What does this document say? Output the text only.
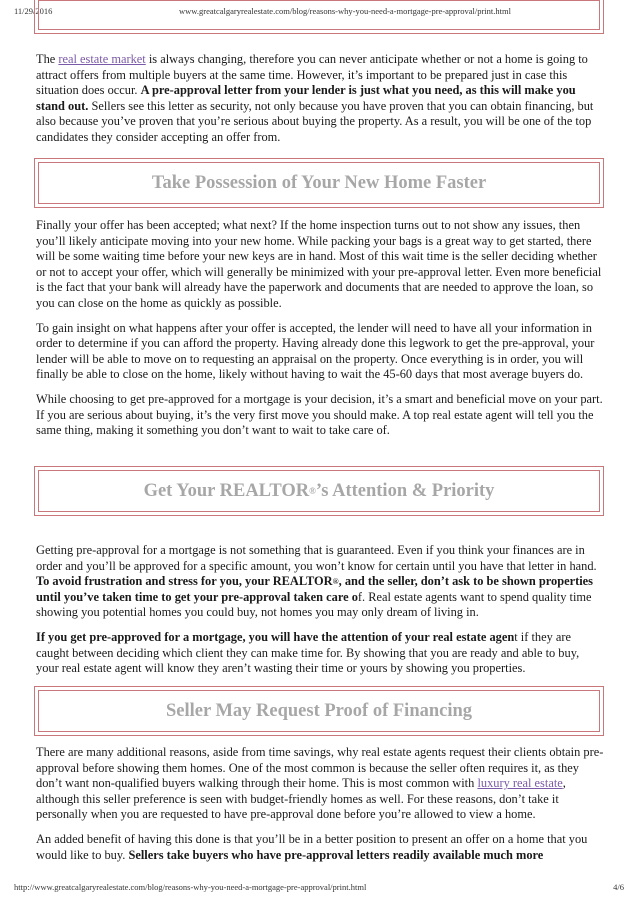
11/29/2016	www.greatcalgaryrealestate.com/blog/reasons-why-you-need-a-mortgage-pre-approval/print.html

The real estate market is always changing, therefore you can never anticipate whether or not a home is going to attract offers from multiple buyers at the same time. However, it’s important to be prepared just in case this situation does occur. A pre-approval letter from your lender is just what you need, as this will make you stand out. Sellers see this letter as security, not only because you have proven that you can obtain financing, but also because you’ve proven that you’re serious about buying the property. As a result, you will be one of the top candidates they consider accepting an offer from.

Take Possession of Your New Home Faster

Finally your offer has been accepted; what next? If the home inspection turns out to not show any issues, then you’ll likely anticipate moving into your new home. While packing your bags is a great way to get started, there will be some waiting time before your new keys are in hand. Most of this wait time is the seller deciding whether or not to accept your offer, which will generally be minimized with your pre-approval letter. Even more beneficial is the fact that your bank will already have the paperwork and documents that are needed to approve the loan, so you can close on the home as quickly as possible.

To gain insight on what happens after your offer is accepted, the lender will need to have all your information in order to determine if you can afford the property. Having already done this legwork to get the pre-approval, your lender will be able to move on to requesting an appraisal on the property. Once everything is in order, you will finally be able to close on the home, likely without having to wait the 45-60 days that most average buyers do.

While choosing to get pre-approved for a mortgage is your decision, it’s a smart and beneficial move on your part. If you are serious about buying, it’s the very first move you should make. A top real estate agent will tell you the same thing, making it something you don’t want to wait to take care of.

Get Your REALTOR®’s Attention & Priority

Getting pre-approval for a mortgage is not something that is guaranteed. Even if you think your finances are in order and you’ll be approved for a specific amount, you won’t know for certain until you have that letter in hand. To avoid frustration and stress for you, your REALTOR®, and the seller, don’t ask to be shown properties until you’ve taken time to get your pre-approval taken care of. Real estate agents want to spend quality time showing you potential homes you could buy, not homes you may only dream of living in.

If you get pre-approved for a mortgage, you will have the attention of your real estate agent if they are caught between deciding which client they can make time for. By showing that you are ready and able to buy, your real estate agent will know they aren’t wasting their time or yours by showing you properties.

Seller May Request Proof of Financing

There are many additional reasons, aside from time savings, why real estate agents request their clients obtain pre-approval before showing them homes. One of the most common is because the seller often requires it, as they don’t want non-qualified buyers walking through their home. This is most common with luxury real estate, although this seller preference is seen with budget-friendly homes as well. For these reasons, don’t take it personally when you are requested to have pre-approval done before you’re allowed to view a home.

An added benefit of having this done is that you’ll be in a better position to present an offer on a home that you would like to buy. Sellers take buyers who have pre-approval letters readily available much more

http://www.greatcalgaryrealestate.com/blog/reasons-why-you-need-a-mortgage-pre-approval/print.html	4/6
